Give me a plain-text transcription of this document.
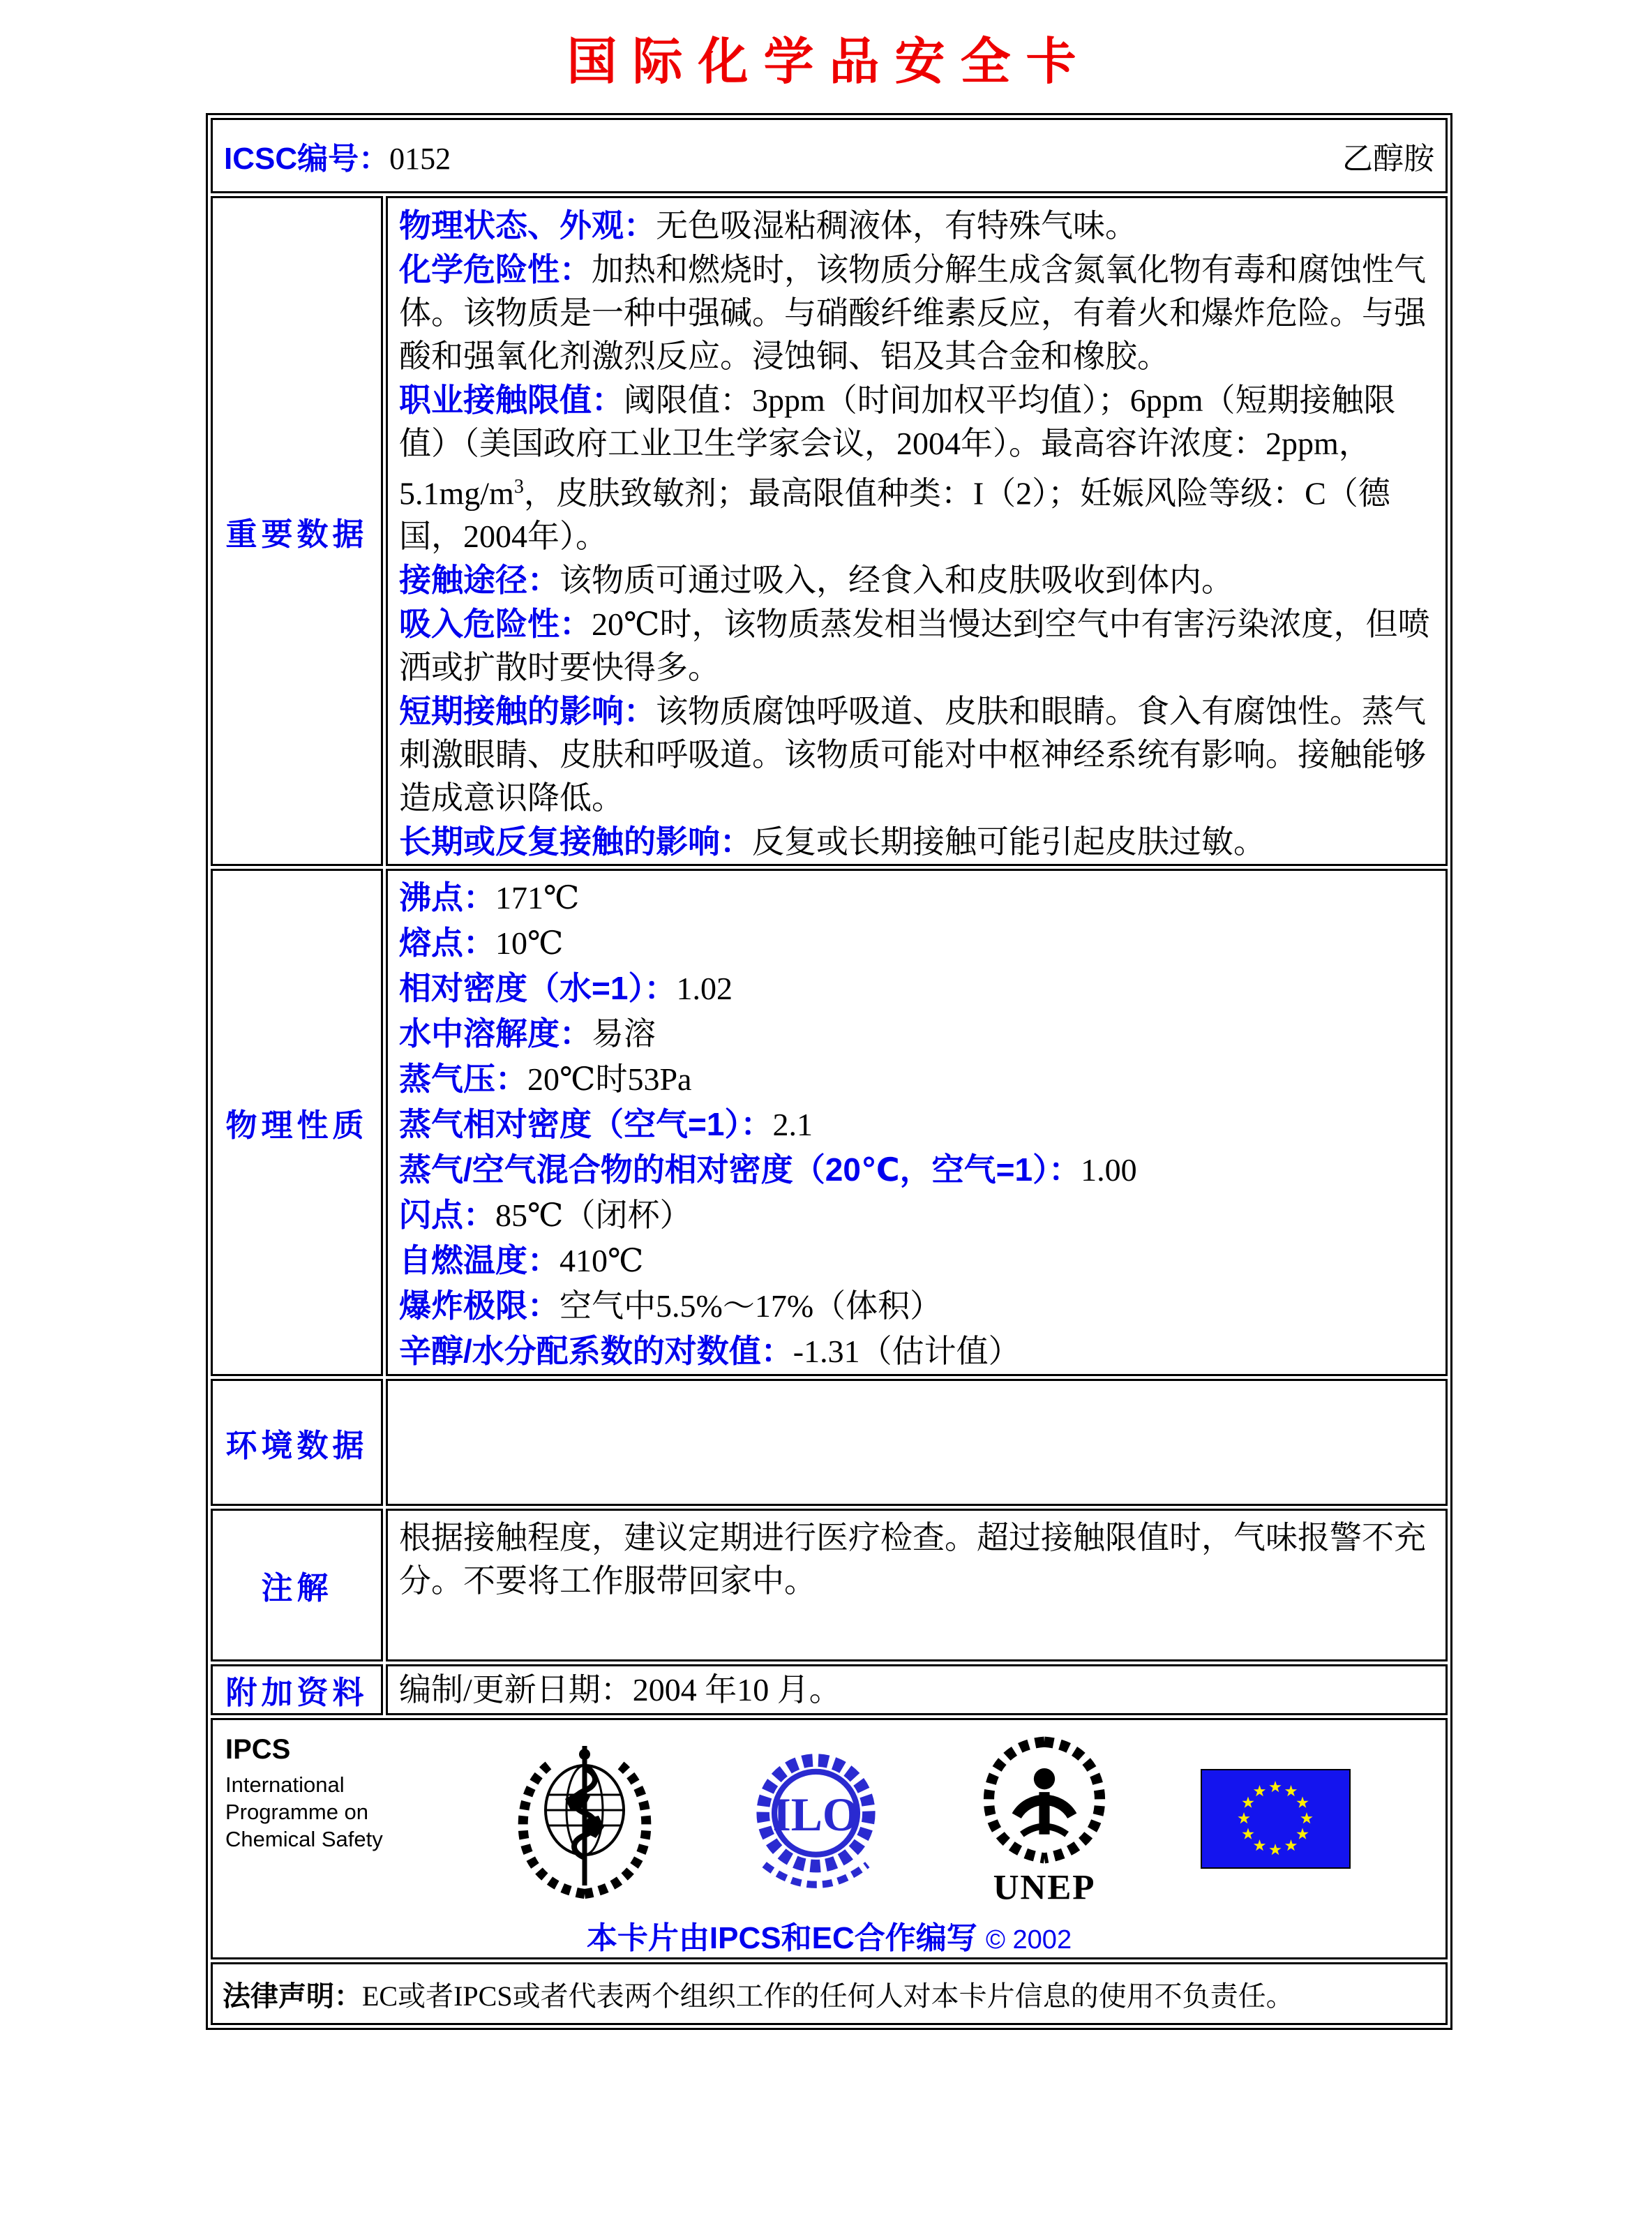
国际化学品安全卡
ICSC编号：0152 乙醇胺	

重要数据	
物理状态、外观：无色吸湿粘稠液体，有特殊气味。
化学危险性：加热和燃烧时，该物质分解生成含氮氧化物有毒和腐蚀性气体。该物质是一种中强碱。与硝酸纤维素反应，有着火和爆炸危险。与强酸和强氧化剂激烈反应。浸蚀铜、铝及其合金和橡胶。
职业接触限值：阈限值：3ppm（时间加权平均值）；6ppm（短期接触限值）（美国政府工业卫生学家会议，2004年）。最高容许浓度：2ppm，$5.1mg/m^3$，皮肤致敏剂；最高限值种类：I（2）；妊娠风险等级：C（德国，2004年）。
接触途径：该物质可通过吸入，经食入和皮肤吸收到体内。
吸入危险性：20℃时，该物质蒸发相当慢达到空气中有害污染浓度，但喷洒或扩散时要快得多。
短期接触的影响：该物质腐蚀呼吸道、皮肤和眼睛。食入有腐蚀性。蒸气刺激眼睛、皮肤和呼吸道。该物质可能对中枢神经系统有影响。接触能够造成意识降低。
长期或反复接触的影响：反复或长期接触可能引起皮肤过敏。

物理性质	
沸点：171℃
熔点：10℃
相对密度（水=1）：1.02
水中溶解度：易溶
蒸气压：20℃时53Pa
蒸气相对密度（空气=1）：2.1
蒸气/空气混合物的相对密度（20℃，空气=1）：1.00
闪点：85℃（闭杯）
自燃温度：410℃
爆炸极限：空气中5.5%～17%（体积）
辛醇/水分配系数的对数值：-1.31（估计值）

环境数据	
注解	根据接触程度，建议定期进行医疗检查。超过接触限值时，气味报警不充分。不要将工作服带回家中。
附加资料	编制/更新日期：2004 年10 月。

IPCS
International
Programme on
Chemical Safety	ILO
UNEP
本卡片由IPCS和EC合作编写 © 2002

法律声明：EC或者IPCS或者代表两个组织工作的任何人对本卡片信息的使用不负责任。	
